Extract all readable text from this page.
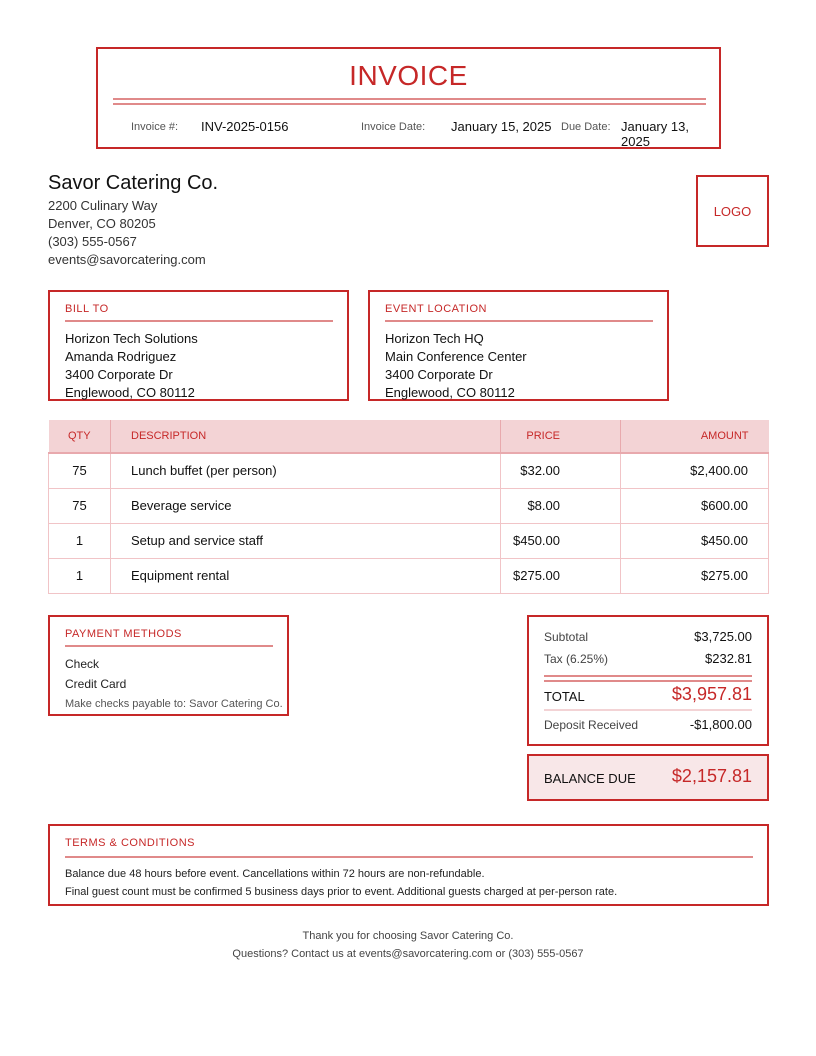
INVOICE
Invoice #: INV-2025-0156	Invoice Date: January 15, 2025 Due Date: January 13, 2025
Savor Catering Co.
2200 Culinary Way
Denver, CO 80205
(303) 555-0567
events@savorcatering.com
LOGO
BILL TO
Horizon Tech Solutions
Amanda Rodriguez
3400 Corporate Dr
Englewood, CO 80112
EVENT LOCATION
Horizon Tech HQ
Main Conference Center
3400 Corporate Dr
Englewood, CO 80112
QTY	DESCRIPTION	PRICE	AMOUNT
75	Lunch buffet (per person)	$32.00	$2,400.00
75	Beverage service	$8.00	$600.00
1	Setup and service staff	$450.00	$450.00
1	Equipment rental	$275.00	$275.00
PAYMENT METHODS
Check
Credit Card
Make checks payable to: Savor Catering Co.
Subtotal	$3,725.00
Tax (6.25%)	$232.81
TOTAL	$3,957.81
Deposit Received	-$1,800.00
BALANCE DUE $2,157.81
TERMS & CONDITIONS
Balance due 48 hours before event. Cancellations within 72 hours are non-refundable.
Final guest count must be confirmed 5 business days prior to event. Additional guests charged at per-person rate.
Thank you for choosing Savor Catering Co.
Questions? Contact us at events@savorcatering.com or (303) 555-0567
